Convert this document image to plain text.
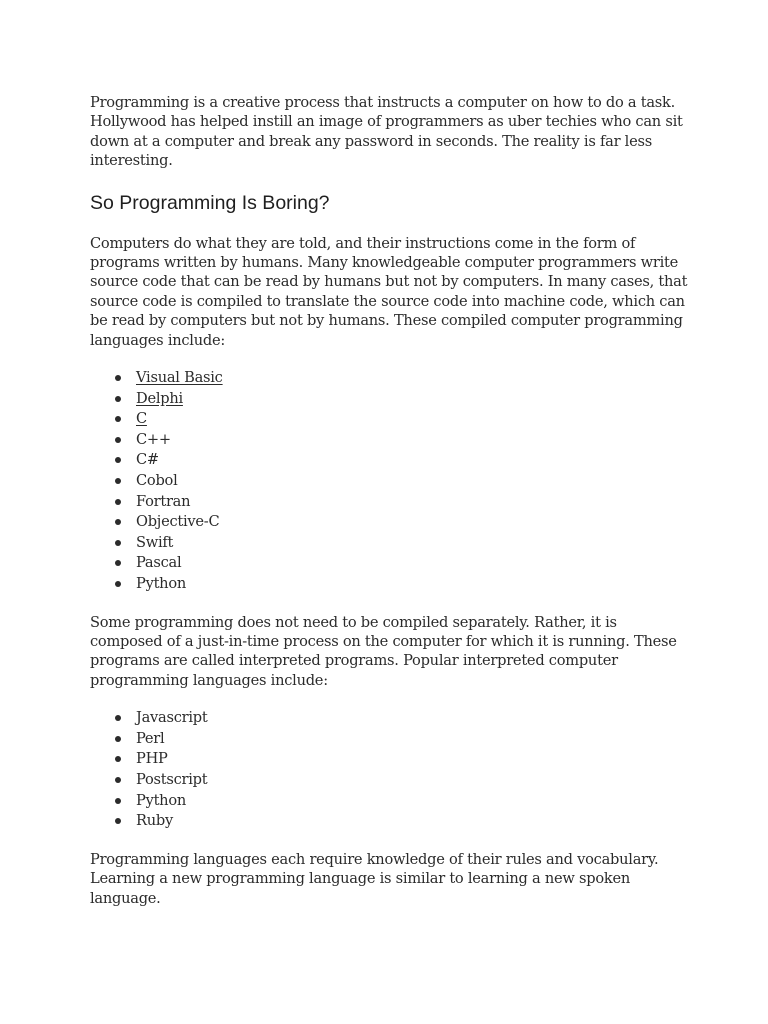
Programming is a creative process that instructs a computer on how to do a task. Hollywood has helped instill an image of programmers as uber techies who can sit down at a computer and break any password in seconds. The reality is far less interesting.

So Programming Is Boring?

Computers do what they are told, and their instructions come in the form of programs written by humans. Many knowledgeable computer programmers write source code that can be read by humans but not by computers. In many cases, that source code is compiled to translate the source code into machine code, which can be read by computers but not by humans. These compiled computer programming languages include:

Visual Basic
Delphi
C
C++
C#
Cobol
Fortran
Objective-C
Swift
Pascal
Python

Some programming does not need to be compiled separately. Rather, it is composed of a just-in-time process on the computer for which it is running. These programs are called interpreted programs. Popular interpreted computer programming languages include:

Javascript
Perl
PHP
Postscript
Python
Ruby

Programming languages each require knowledge of their rules and vocabulary. Learning a new programming language is similar to learning a new spoken language.
